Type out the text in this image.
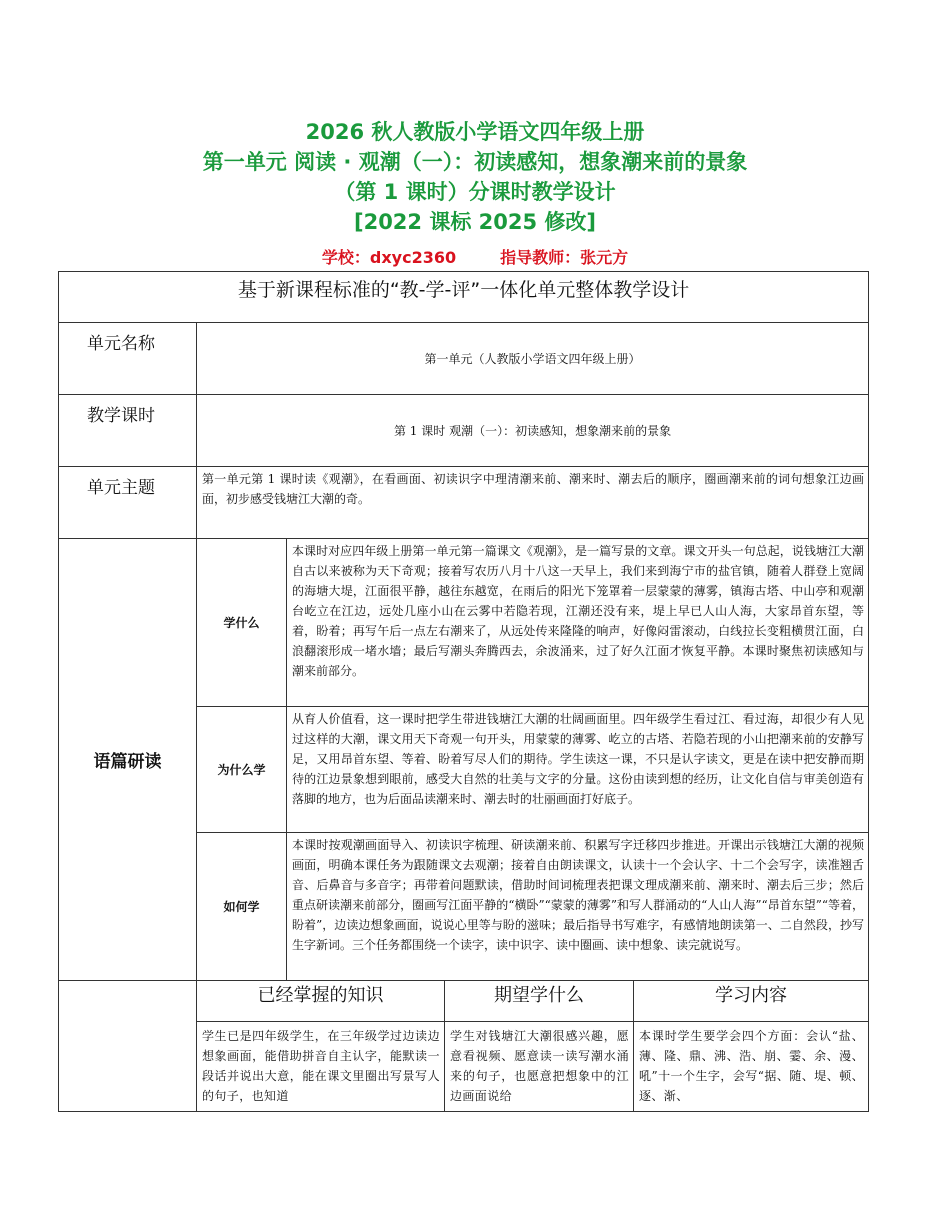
2026 秋人教版小学语文四年级上册
第一单元 阅读 · 观潮（一）：初读感知，想象潮来前的景象
（第 1 课时）分课时教学设计
[2022 课标 2025 修改]
学校：dxyc2360	指导教师：张元方
基于新课程标准的“教-学-评”一体化单元整体教学设计				
单元名称	第一单元（人教版小学语文四年级上册）			
教学课时	第 1 课时 观潮（一）：初读感知，想象潮来前的景象			
单元主题	第一单元第 1 课时读《观潮》，在看画面、初读识字中理清潮来前、潮来时、潮去后的顺序，圈画潮来前的词句想象江边画面，初步感受钱塘江大潮的奇。			
语篇研读	学什么	本课时对应四年级上册第一单元第一篇课文《观潮》，是一篇写景的文章。课文开头一句总起，说钱塘江大潮自古以来被称为天下奇观；接着写农历八月十八这一天早上，我们来到海宁市的盐官镇，随着人群登上宽阔的海塘大堤，江面很平静，越往东越宽，在雨后的阳光下笼罩着一层蒙蒙的薄雾，镇海古塔、中山亭和观潮台屹立在江边，远处几座小山在云雾中若隐若现，江潮还没有来，堤上早已人山人海，大家昂首东望，等着，盼着；再写午后一点左右潮来了，从远处传来隆隆的响声，好像闷雷滚动，白线拉长变粗横贯江面，白浪翻滚形成一堵水墙；最后写潮头奔腾西去，余波涌来，过了好久江面才恢复平静。本课时聚焦初读感知与潮来前部分。		
	为什么学	从育人价值看，这一课时把学生带进钱塘江大潮的壮阔画面里。四年级学生看过江、看过海，却很少有人见过这样的大潮，课文用天下奇观一句开头，用蒙蒙的薄雾、屹立的古塔、若隐若现的小山把潮来前的安静写足，又用昂首东望、等着、盼着写尽人们的期待。学生读这一课，不只是认字读文，更是在读中把安静而期待的江边景象想到眼前，感受大自然的壮美与文字的分量。这份由读到想的经历，让文化自信与审美创造有落脚的地方，也为后面品读潮来时、潮去时的壮丽画面打好底子。		
	如何学	本课时按观潮画面导入、初读识字梳理、研读潮来前、积累写字迁移四步推进。开课出示钱塘江大潮的视频画面，明确本课任务为跟随课文去观潮；接着自由朗读课文，认读十一个会认字、十二个会写字，读准翘舌音、后鼻音与多音字；再带着问题默读，借助时间词梳理表把课文理成潮来前、潮来时、潮去后三步；然后重点研读潮来前部分，圈画写江面平静的“横卧”“蒙蒙的薄雾”和写人群涌动的“人山人海”“昂首东望”“等着，盼着”，边读边想象画面，说说心里等与盼的滋味；最后指导书写难字，有感情地朗读第一、二自然段，抄写生字新词。三个任务都围绕一个读字，读中识字、读中圈画、读中想象、读完就说写。		
	已经掌握的知识		期望学什么	学习内容
	学生已是四年级学生，在三年级学过边读边想象画面，能借助拼音自主认字，能默读一段话并说出大意，能在课文里圈出写景写人的句子，也知道		学生对钱塘江大潮很感兴趣，愿意看视频、愿意读一读写潮水涌来的句子，也愿意把想象中的江边画面说给	本课时学生要学会四个方面：会认“盐、薄、隆、鼎、沸、浩、崩、霎、余、漫、吼”十一个生字，会写“据、随、堤、顿、逐、渐、
